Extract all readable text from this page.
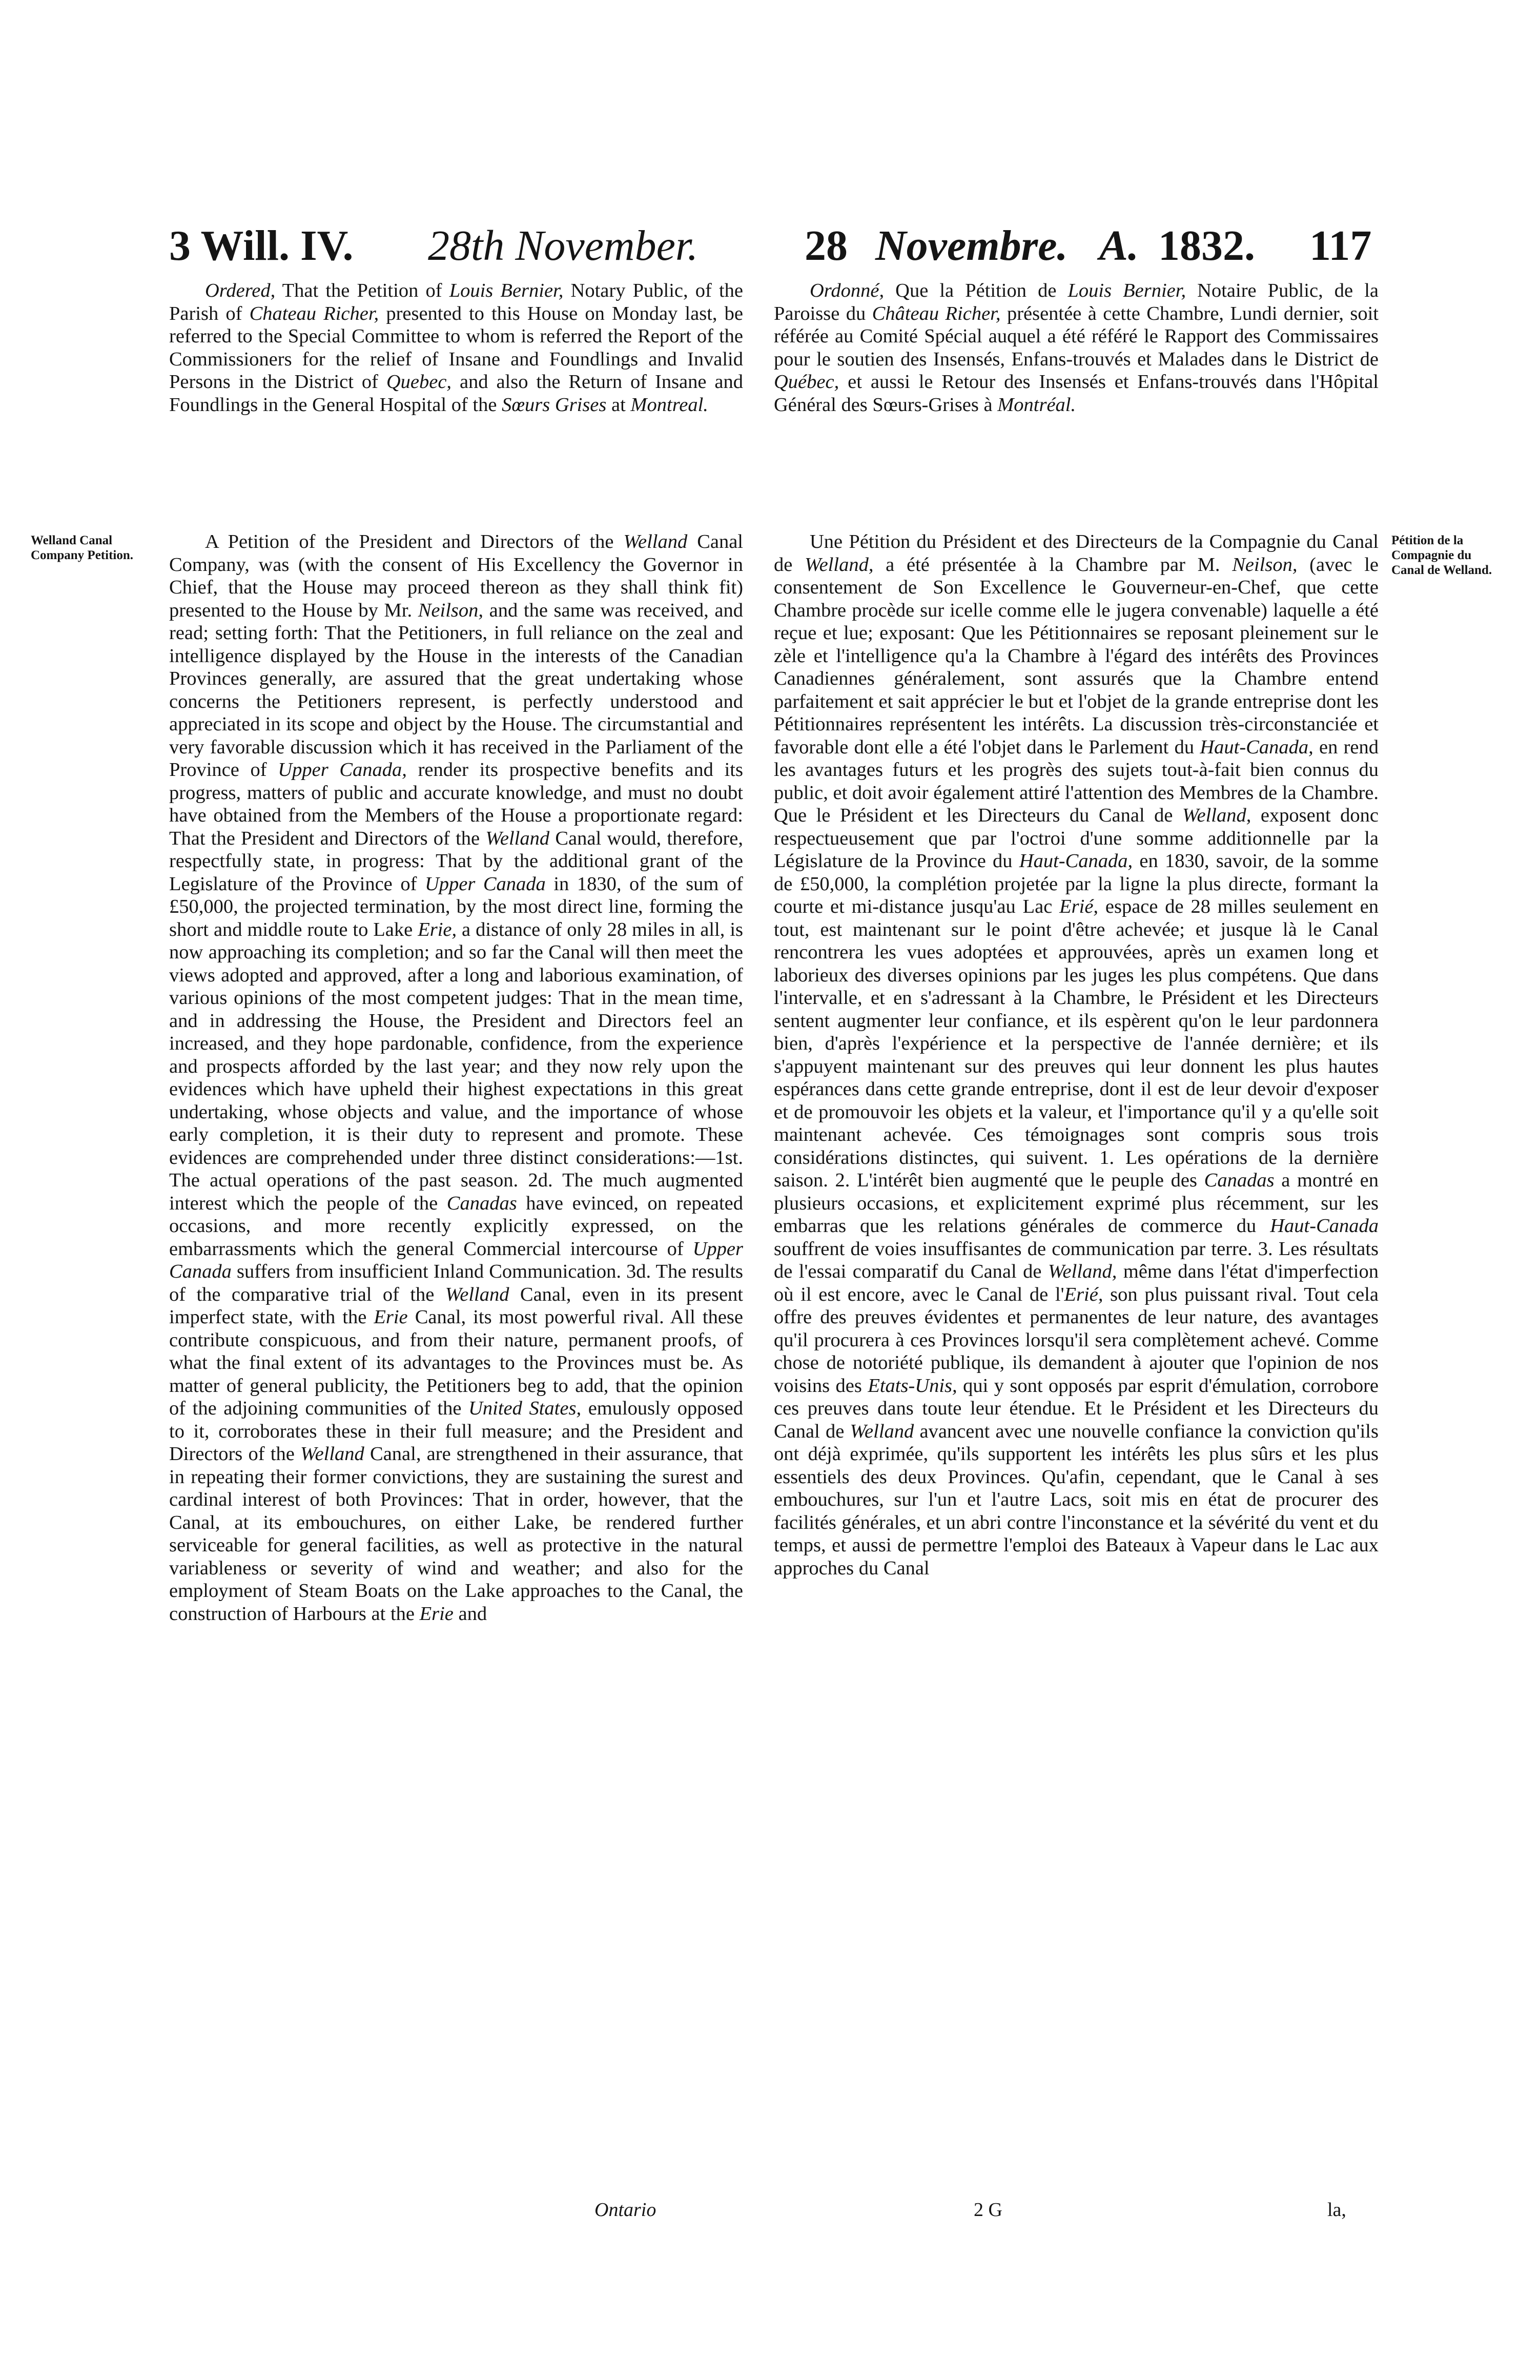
3 Will. IV. 28th November. 28 Novembre. A. 1832. 117

Ordered, That the Petition of Louis Bernier, Notary Public, of the Parish of Chateau Richer, presented to this House on Monday last, be referred to the Special Committee to whom is referred the Report of the Commissioners for the relief of Insane and Foundlings and Invalid Persons in the District of Quebec, and also the Return of Insane and Foundlings in the General Hospital of the Sœurs Grises at Montreal.

Ordonné, Que la Pétition de Louis Bernier, Notaire Public, de la Paroisse du Château Richer, présentée à cette Chambre, Lundi dernier, soit référée au Comité Spécial auquel a été référé le Rapport des Commissaires pour le soutien des Insensés, Enfans-trouvés et Malades dans le District de Québec, et aussi le Retour des Insensés et Enfans-trouvés dans l'Hôpital Général des Sœurs-Grises à Montréal.

Welland Canal Company Petition.
Pétition de la Compagnie du Canal de Welland.

A Petition of the President and Directors of the Welland Canal Company, was (with the consent of His Excellency the Governor in Chief, that the House may proceed thereon as they shall think fit) presented to the House by Mr. Neilson, and the same was received, and read; setting forth: That the Petitioners, in full reliance on the zeal and intelligence displayed by the House in the interests of the Canadian Provinces generally, are assured that the great undertaking whose concerns the Petitioners represent, is perfectly understood and appreciated in its scope and object by the House. The circumstantial and very favorable discussion which it has received in the Parliament of the Province of Upper Canada, render its prospective benefits and its progress, matters of public and accurate knowledge, and must no doubt have obtained from the Members of the House a proportionate regard: That the President and Directors of the Welland Canal would, therefore, respectfully state, in progress: That by the additional grant of the Legislature of the Province of Upper Canada in 1830, of the sum of £50,000, the projected termination, by the most direct line, forming the short and middle route to Lake Erie, a distance of only 28 miles in all, is now approaching its completion; and so far the Canal will then meet the views adopted and approved, after a long and laborious examination, of various opinions of the most competent judges: That in the mean time, and in addressing the House, the President and Directors feel an increased, and they hope pardonable, confidence, from the experience and prospects afforded by the last year; and they now rely upon the evidences which have upheld their highest expectations in this great undertaking, whose objects and value, and the importance of whose early completion, it is their duty to represent and promote. These evidences are comprehended under three distinct considerations:—1st. The actual operations of the past season. 2d. The much augmented interest which the people of the Canadas have evinced, on repeated occasions, and more recently explicitly expressed, on the embarrassments which the general Commercial intercourse of Upper Canada suffers from insufficient Inland Communication. 3d. The results of the comparative trial of the Welland Canal, even in its present imperfect state, with the Erie Canal, its most powerful rival. All these contribute conspicuous, and from their nature, permanent proofs, of what the final extent of its advantages to the Provinces must be. As matter of general publicity, the Petitioners beg to add, that the opinion of the adjoining communities of the United States, emulously opposed to it, corroborates these in their full measure; and the President and Directors of the Welland Canal, are strengthened in their assurance, that in repeating their former convictions, they are sustaining the surest and cardinal interest of both Provinces: That in order, however, that the Canal, at its embouchures, on either Lake, be rendered further serviceable for general facilities, as well as protective in the natural variableness or severity of wind and weather; and also for the employment of Steam Boats on the Lake approaches to the Canal, the construction of Harbours at the Erie and

Une Pétition du Président et des Directeurs de la Compagnie du Canal de Welland, a été présentée à la Chambre par M. Neilson, (avec le consentement de Son Excellence le Gouverneur-en-Chef, que cette Chambre procède sur icelle comme elle le jugera convenable) laquelle a été reçue et lue; exposant: Que les Pétitionnaires se reposant pleinement sur le zèle et l'intelligence qu'a la Chambre à l'égard des intérêts des Provinces Canadiennes généralement, sont assurés que la Chambre entend parfaitement et sait apprécier le but et l'objet de la grande entreprise dont les Pétitionnaires représentent les intérêts. La discussion très-circonstanciée et favorable dont elle a été l'objet dans le Parlement du Haut-Canada, en rend les avantages futurs et les progrès des sujets tout-à-fait bien connus du public, et doit avoir également attiré l'attention des Membres de la Chambre. Que le Président et les Directeurs du Canal de Welland, exposent donc respectueusement que par l'octroi d'une somme additionnelle par la Législature de la Province du Haut-Canada, en 1830, savoir, de la somme de £50,000, la complétion projetée par la ligne la plus directe, formant la courte et mi-distance jusqu'au Lac Erié, espace de 28 milles seulement en tout, est maintenant sur le point d'être achevée; et jusque là le Canal rencontrera les vues adoptées et approuvées, après un examen long et laborieux des diverses opinions par les juges les plus compétens. Que dans l'intervalle, et en s'adressant à la Chambre, le Président et les Directeurs sentent augmenter leur confiance, et ils espèrent qu'on le leur pardonnera bien, d'après l'expérience et la perspective de l'année dernière; et ils s'appuyent maintenant sur des preuves qui leur donnent les plus hautes espérances dans cette grande entreprise, dont il est de leur devoir d'exposer et de promouvoir les objets et la valeur, et l'importance qu'il y a qu'elle soit maintenant achevée. Ces témoignages sont compris sous trois considérations distinctes, qui suivent. 1. Les opérations de la dernière saison. 2. L'intérêt bien augmenté que le peuple des Canadas a montré en plusieurs occasions, et explicitement exprimé plus récemment, sur les embarras que les relations générales de commerce du Haut-Canada souffrent de voies insuffisantes de communication par terre. 3. Les résultats de l'essai comparatif du Canal de Welland, même dans l'état d'imperfection où il est encore, avec le Canal de l'Erié, son plus puissant rival. Tout cela offre des preuves évidentes et permanentes de leur nature, des avantages qu'il procurera à ces Provinces lorsqu'il sera complètement achevé. Comme chose de notoriété publique, ils demandent à ajouter que l'opinion de nos voisins des Etats-Unis, qui y sont opposés par esprit d'émulation, corrobore ces preuves dans toute leur étendue. Et le Président et les Directeurs du Canal de Welland avancent avec une nouvelle confiance la conviction qu'ils ont déjà exprimée, qu'ils supportent les intérêts les plus sûrs et les plus essentiels des deux Provinces. Qu'afin, cependant, que le Canal à ses embouchures, sur l'un et l'autre Lacs, soit mis en état de procurer des facilités générales, et un abri contre l'inconstance et la sévérité du vent et du temps, et aussi de permettre l'emploi des Bateaux à Vapeur dans le Lac aux approches du Canal

Ontario	2 G	la,
